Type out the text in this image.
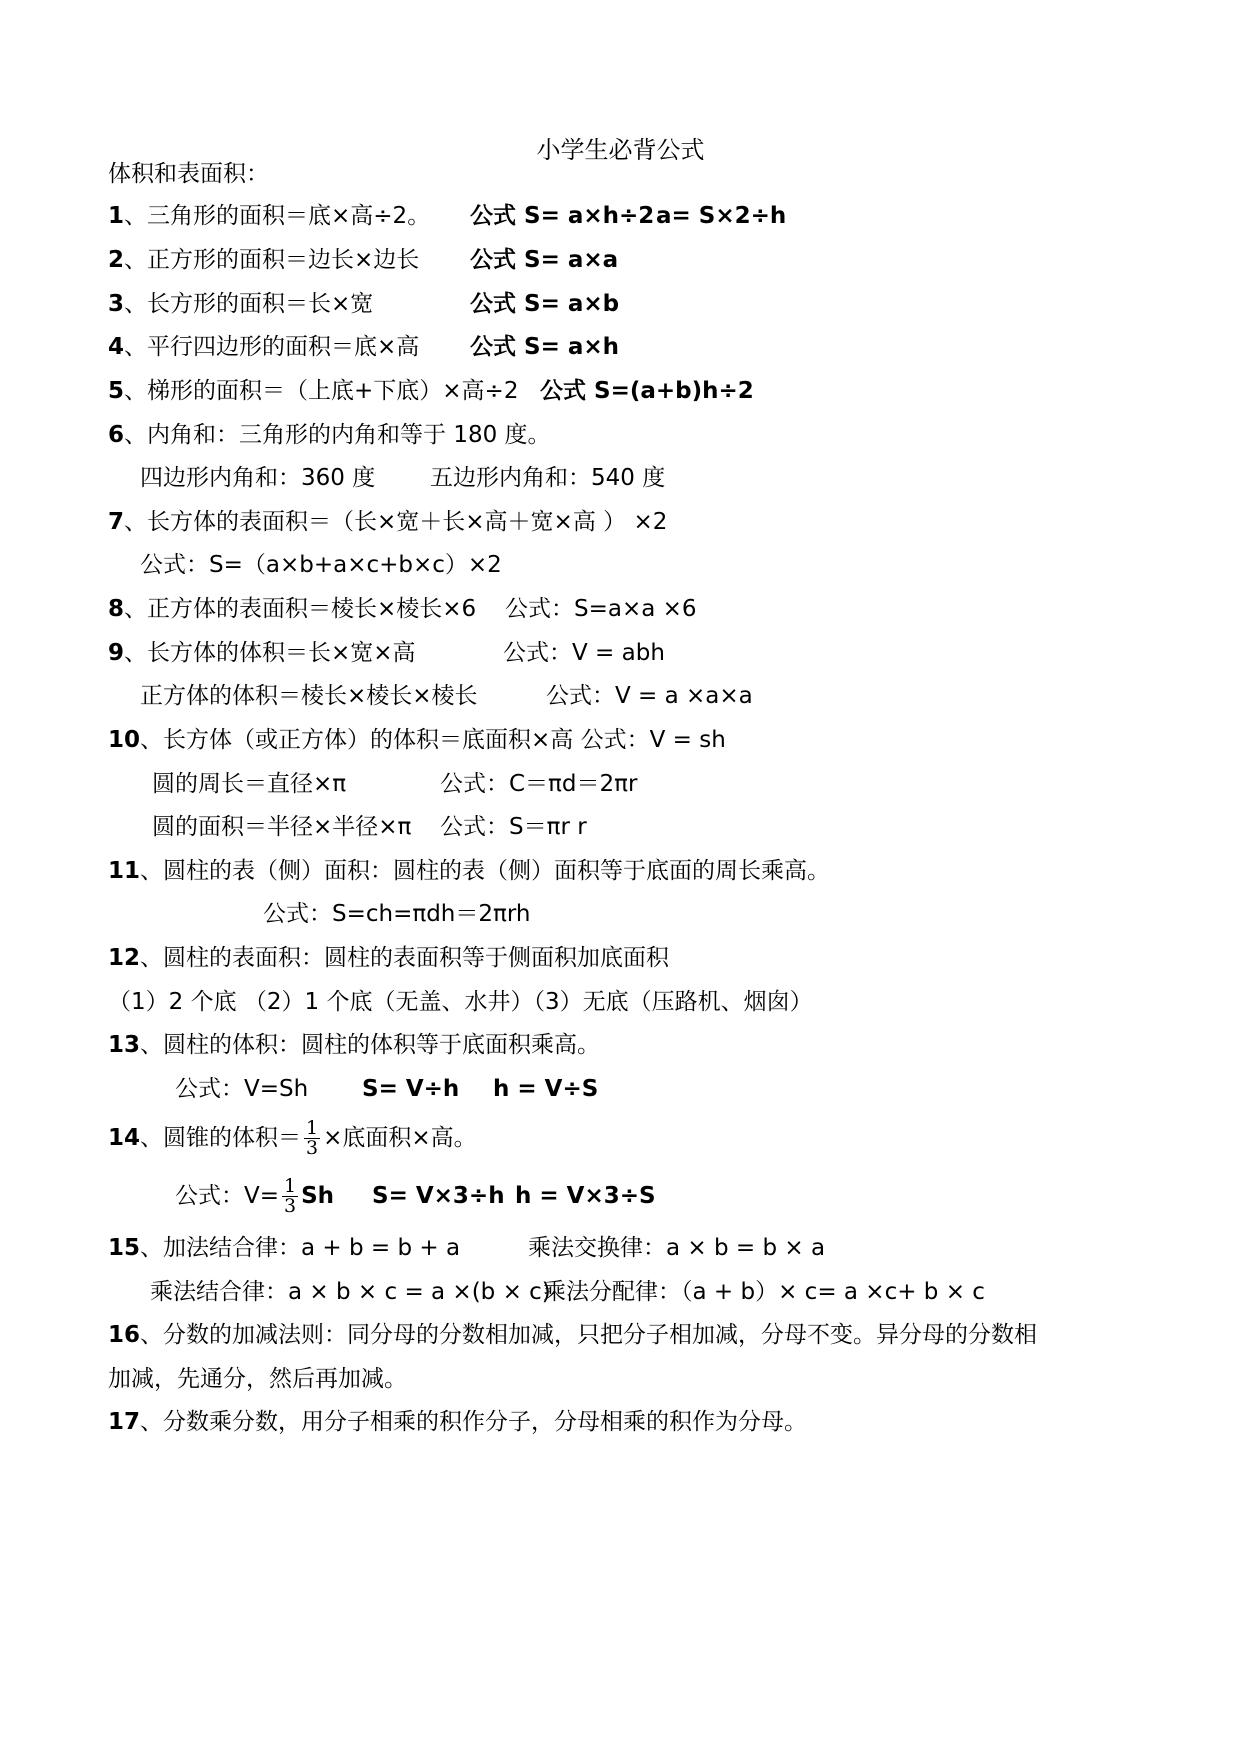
小学生必背公式
体积和表面积：
1、三角形的面积＝底×高÷2。 公式 S= a×h÷2 a= S×2÷h
2、正方形的面积＝边长×边长 公式 S= a×a
3、长方形的面积＝长×宽	公式 S= a×b
4、平行四边形的面积＝底×高 公式 S= a×h
5、梯形的面积＝（上底+下底）×高÷2 公式 S=(a+b)h÷2
6、内角和：三角形的内角和等于 180 度。
四边形内角和：360 度 五边形内角和：540 度
7、长方体的表面积＝（长×宽＋长×高＋宽×高 ） ×2
公式：S=（a×b+a×c+b×c）×2
8、正方体的表面积＝棱长×棱长×6 公式：S=a×a ×6
9、长方体的体积＝长×宽×高	公式：V = abh
正方体的体积＝棱长×棱长×棱长	公式：V = a ×a×a
10、长方体（或正方体）的体积＝底面积×高 公式：V = sh
圆的周长＝直径×π	公式：C＝πd＝2πr
圆的面积＝半径×半径×π 公式：S＝πr r
11、圆柱的表（侧）面积：圆柱的表（侧）面积等于底面的周长乘高。
公式：S=ch=πdh＝2πrh
12、圆柱的表面积：圆柱的表面积等于侧面积加底面积
（1）2 个底 （2）1 个底（无盖、水井）（3）无底（压路机、烟囱）
13、圆柱的体积：圆柱的体积等于底面积乘高。
公式：V=Sh S= V÷h h = V÷S
14、圆锥的体积＝ $\frac{1}{3}$ ×底面积×高。
公式：$V= \frac{1}{3}$ Sh S= V×3÷h h = V×3÷S
15、加法结合律：a + b = b + a	乘法交换律：a × b = b × a
乘法结合律：a × b × c = a ×(b × c)
乘法分配律：（a + b）× c= a ×c+ b × c
16、分数的加减法则：同分母的分数相加减，只把分子相加减，分母不变。异分母的分数相
加减，先通分，然后再加减。
17、分数乘分数，用分子相乘的积作分子，分母相乘的积作为分母。
